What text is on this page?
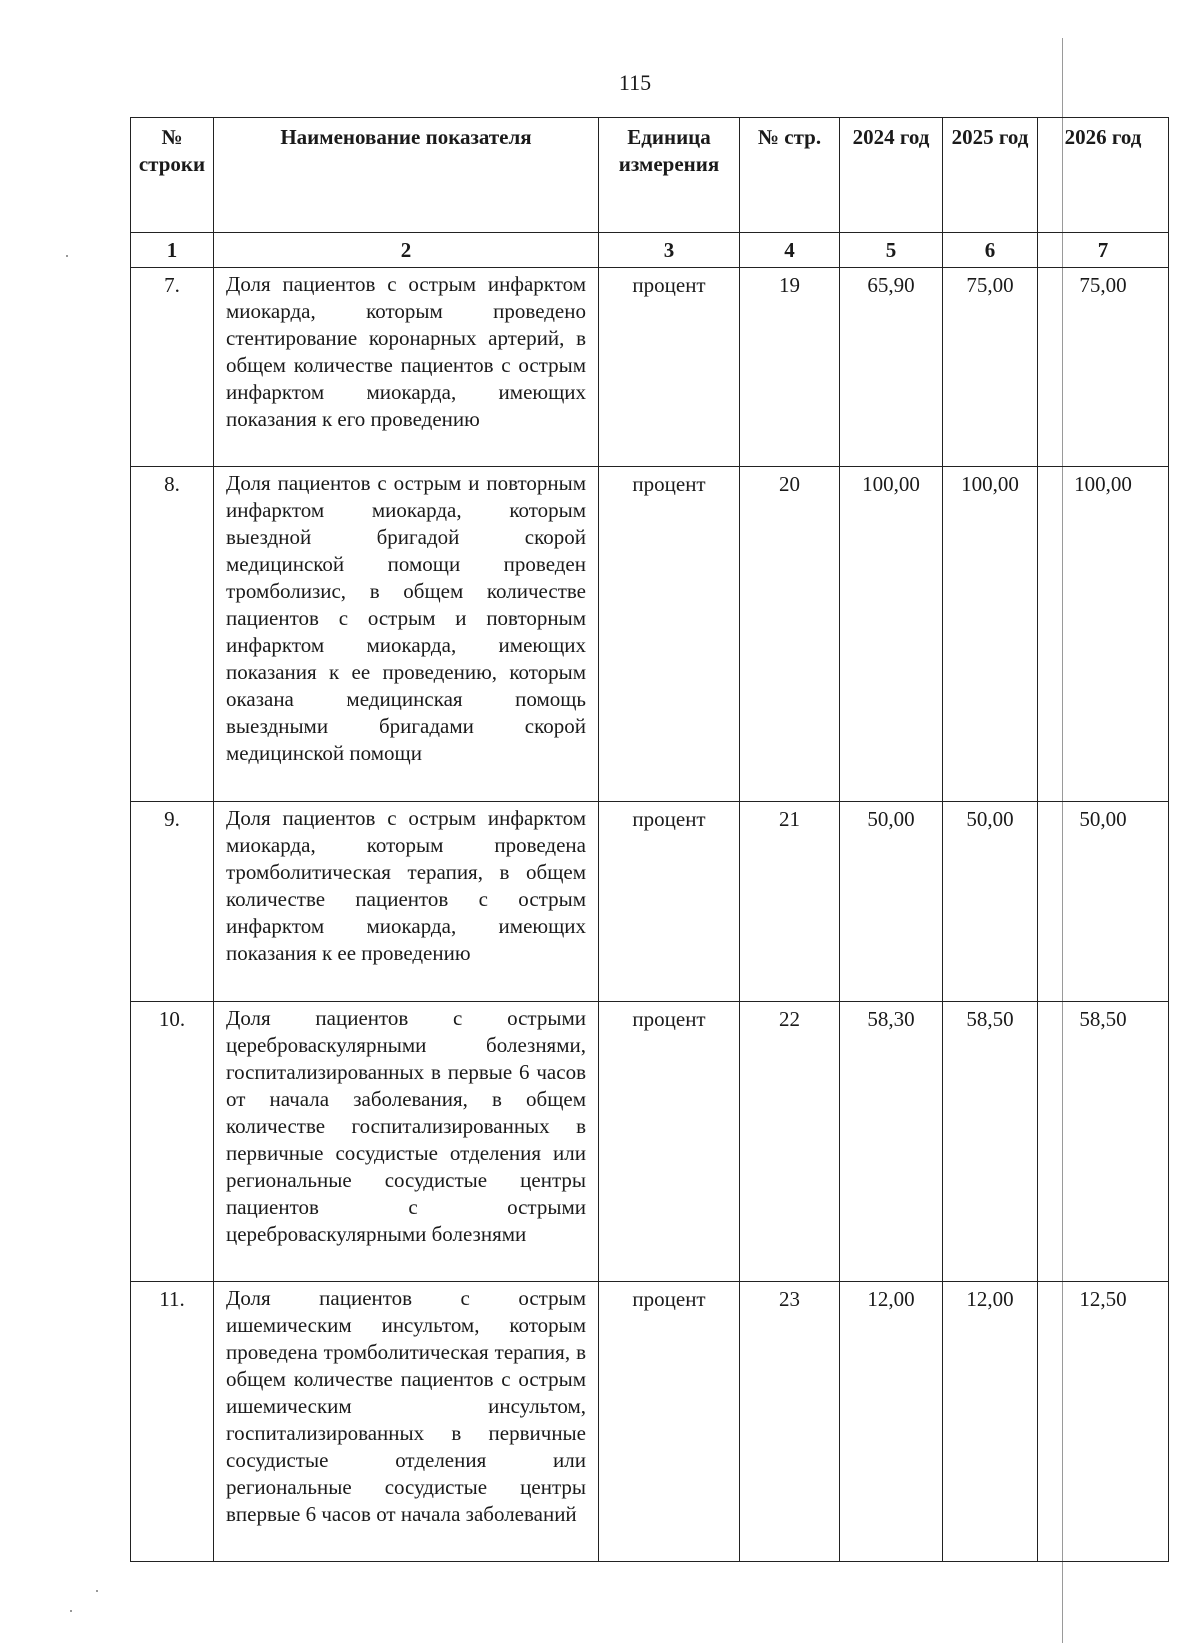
115
№ строки	Наименование показателя	Единица измерения	№ стр.	2024 год	2025 год	2026 год
1	2	3	4	5	6	7
7.	Доля пациентов с острым инфарктом миокарда, которым проведено стентирование коронарных артерий, в общем количестве пациентов с острым инфарктом миокарда, имеющих показания к его проведению	процент	19	65,90	75,00	75,00
8.	Доля пациентов с острым и повторным инфарктом миокарда, которым выездной бригадой скорой медицинской помощи проведен тромболизис, в общем количестве пациентов с острым и повторным инфарктом миокарда, имеющих показания к ее проведению, которым оказана медицинская помощь выездными бригадами скорой медицинской помощи	процент	20	100,00	100,00	100,00
9.	Доля пациентов с острым инфарктом миокарда, которым проведена тромболитическая терапия, в общем количестве пациентов с острым инфарктом миокарда, имеющих показания к ее проведению	процент	21	50,00	50,00	50,00
10.	Доля пациентов с острыми цереброваскулярными болезнями, госпитализированных в первые 6 часов от начала заболевания, в общем количестве госпитализированных в первичные сосудистые отделения или региональные сосудистые центры пациентов с острыми цереброваскулярными болезнями	процент	22	58,30	58,50	58,50
11.	Доля пациентов с острым ишемическим инсультом, которым проведена тромболитическая терапия, в общем количестве пациентов с острым ишемическим инсультом, госпитализированных в первичные сосудистые отделения или региональные сосудистые центры впервые 6 часов от начала заболеваний	процент	23	12,00	12,00	12,50
